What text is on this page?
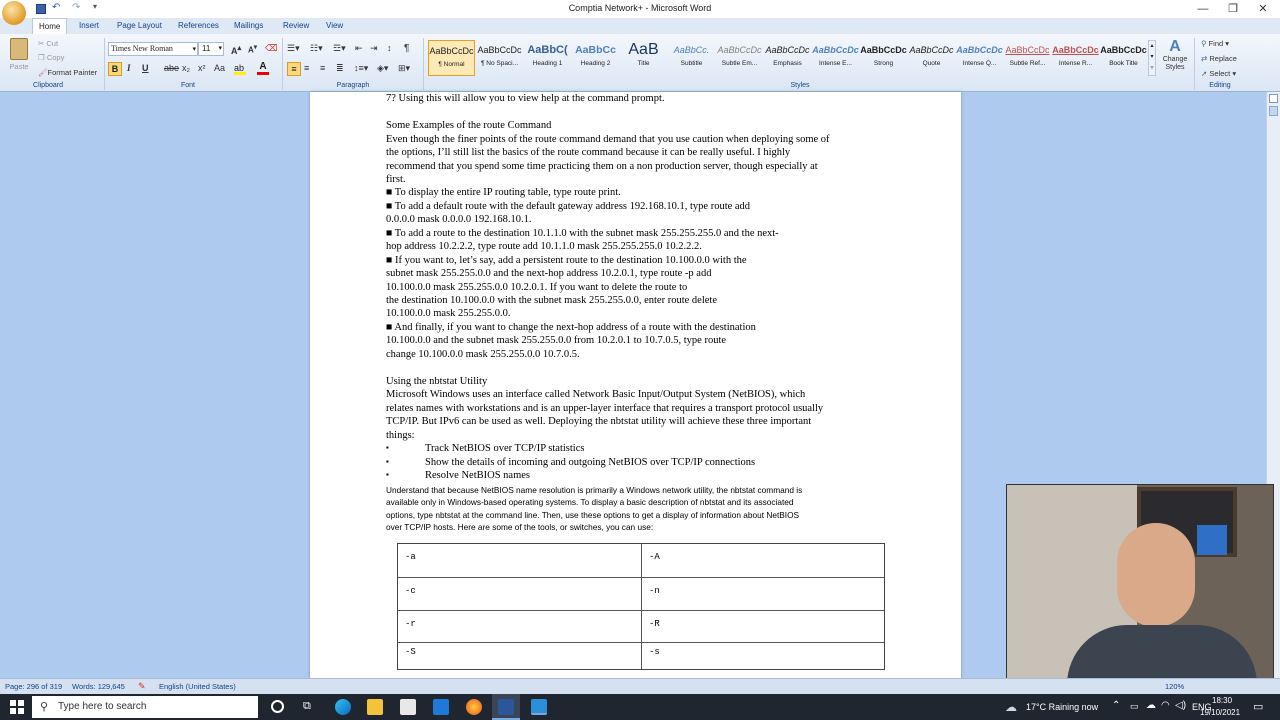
↶ ↷ ▾	Comptia Network+ - Microsoft Word	—	❐	✕
Home	Insert	Page Layout	References	Mailings	Review	View
Paste
✂ Cut
❐ Copy
🖌Format Painter
Clipboard
Times New Roman	▾ 11 ▾ A▴ A▾ ⌫
B I U abe x₂ x² Aa ab A
Font
☰▾ ☷▾ ☲▾ ⇤ ⇥ ↕ ¶
≡ ≡ ≡ ≣ ↕≡▾ ◈▾ ⊞▾
Paragraph
AaBbCcDc
¶ Normal
AaBbCcDc
¶ No Spaci...
AaBbC(
Heading 1
AaBbCc
Heading 2
AaB
Title
AaBbCc.
Subtitle
AaBbCcDc
Subtle Em...
AaBbCcDc
Emphasis
AaBbCcDc
Intense E...
AaBbCcDc
Strong
AaBbCcDc
Quote
AaBbCcDc
Intense Q...
AaBbCcDc
Subtle Ref...
AaBbCcDc
Intense R...
AaBbCcDc
Book Title
▴
▾
▿
A
Change Styles
Styles
⚲ Find ▾
⇄ Replace
➚ Select ▾
Editing
7? Using this will allow you to view help at the command prompt.
Some Examples of the route Command
Even though the finer points of the route command demand that you use caution when deploying some of
the options, I’ll still list the basics of the route command because it can be really useful. I highly
recommend that you spend some time practicing them on a non production server, though especially at
first.
■ To display the entire IP routing table, type route print.
■ To add a default route with the default gateway address 192.168.10.1, type route add
0.0.0.0 mask 0.0.0.0 192.168.10.1.
■ To add a route to the destination 10.1.1.0 with the subnet mask 255.255.255.0 and the next-
hop address 10.2.2.2, type route add 10.1.1.0 mask 255.255.255.0 10.2.2.2.
■ If you want to, let’s say, add a persistent route to the destination 10.100.0.0 with the
subnet mask 255.255.0.0 and the next-hop address 10.2.0.1, type route -p add
10.100.0.0 mask 255.255.0.0 10.2.0.1. If you want to delete the route to
the destination 10.100.0.0 with the subnet mask 255.255.0.0, enter route delete
10.100.0.0 mask 255.255.0.0.
■ And finally, if you want to change the next-hop address of a route with the destination
10.100.0.0 and the subnet mask 255.255.0.0 from 10.2.0.1 to 10.7.0.5, type route
change 10.100.0.0 mask 255.255.0.0 10.7.0.5.
Using the nbtstat Utility
Microsoft Windows uses an interface called Network Basic Input/Output System (NetBIOS), which
relates names with workstations and is an upper-layer interface that requires a transport protocol usually
TCP/IP. But IPv6 can be used as well. Deploying the nbtstat utility will achieve these three important
things:
▪	Track NetBIOS over TCP/IP statistics
▪	Show the details of incoming and outgoing NetBIOS over TCP/IP connections
▪	Resolve NetBIOS names
Understand that because NetBIOS name resolution is primarily a Windows network utility, the nbtstat command is
available only in Windows-based operating systems. To display a basic description of nbtstat and its associated
options, type nbtstat at the command line. Then, use these options to get a display of information about NetBIOS
over TCP/IP hosts. Here are some of the tools, or switches, you can use:
-a	-A
-c	-n
-r	-R
-S	-s
Page: 296 of 319 Words: 129,645 ✎ English (United States)	120%
⚲ Type here to search	⧉	☁ 17°C Raining now ⌃ ▭ ☁ ◠ ◁) ENG
18:30
19/10/2021 ▭
